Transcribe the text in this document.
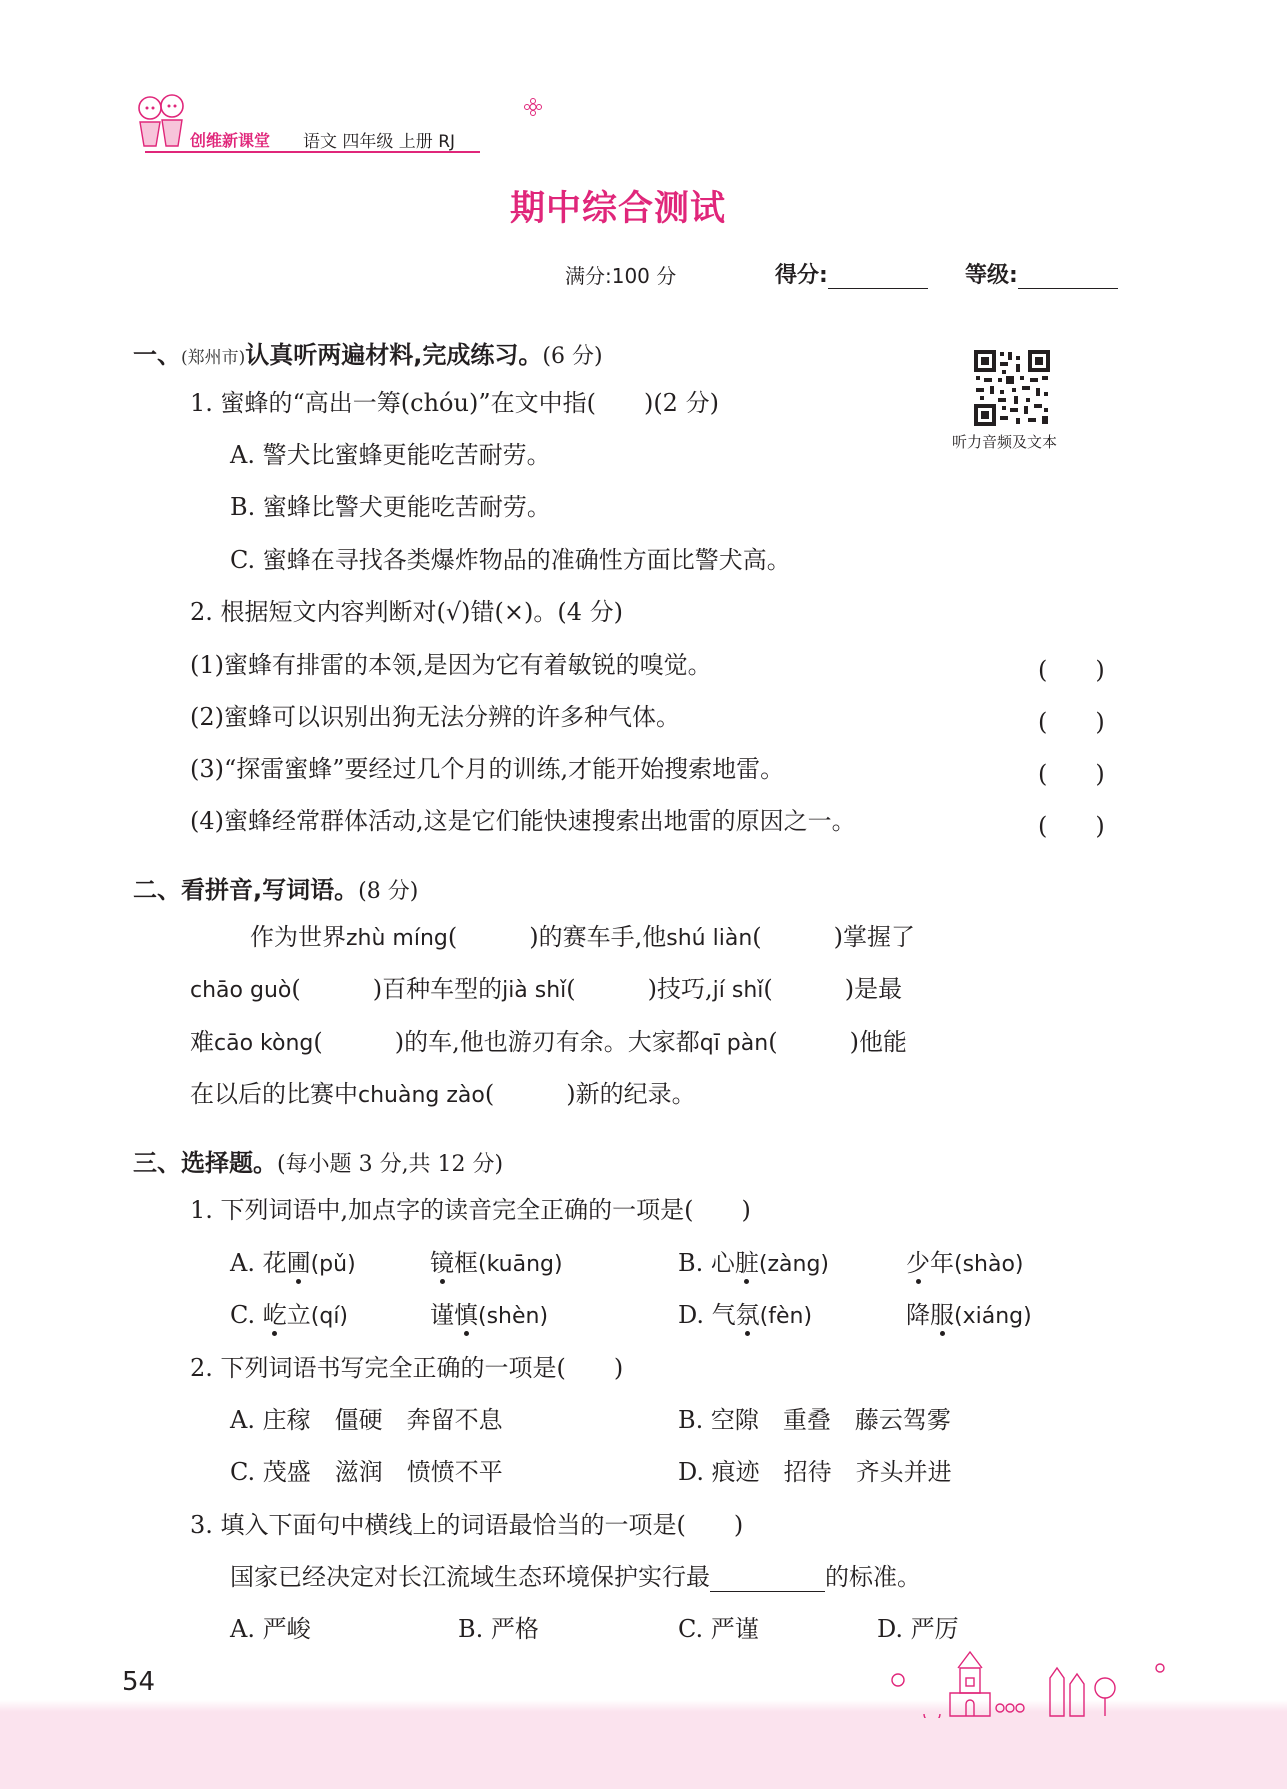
创维新课堂 语文 四年级 上册 RJ
期中综合测试
满分:100 分	得分:	等级:
听力音频及文本
一、(郑州市)认真听两遍材料,完成练习。(6 分)
1. 蜜蜂的“高出一筹(chóu)”在文中指(　　)(2 分)
A. 警犬比蜜蜂更能吃苦耐劳。
B. 蜜蜂比警犬更能吃苦耐劳。
C. 蜜蜂在寻找各类爆炸物品的准确性方面比警犬高。
2. 根据短文内容判断对(√)错(×)。(4 分)
(1)蜜蜂有排雷的本领,是因为它有着敏锐的嗅觉。	(　　)
(2)蜜蜂可以识别出狗无法分辨的许多种气体。	(　　)
(3)“探雷蜜蜂”要经过几个月的训练,才能开始搜索地雷。	(　　)
(4)蜜蜂经常群体活动,这是它们能快速搜索出地雷的原因之一。	(　　)
二、看拼音,写词语。(8 分)
作为世界zhù míng(　　　)的赛车手,他shú liàn(　　　)掌握了
chāo guò(　　　)百种车型的jià shǐ(　　　)技巧,jí shǐ(　　　)是最
难cāo kòng(　　　)的车,他也游刃有余。大家都qī pàn(　　　)他能
在以后的比赛中chuàng zào(　　　)新的纪录。
三、选择题。(每小题 3 分,共 12 分)
1. 下列词语中,加点字的读音完全正确的一项是(　　)
A. 花圃(pǔ)	镜框(kuāng)	B. 心脏(zàng)	少年(shào)
C. 屹立(qí)	谨慎(shèn)	D. 气氛(fèn)	降服(xiáng)
2. 下列词语书写完全正确的一项是(　　)
A. 庄稼　僵硬　奔留不息	B. 空隙　重叠　藤云驾雾
C. 茂盛　滋润　愤愤不平	D. 痕迹　招待　齐头并进
3. 填入下面句中横线上的词语最恰当的一项是(　　)
国家已经决定对长江流域生态环境保护实行最	的标准。
A. 严峻	B. 严格	C. 严谨	D. 严厉
54
